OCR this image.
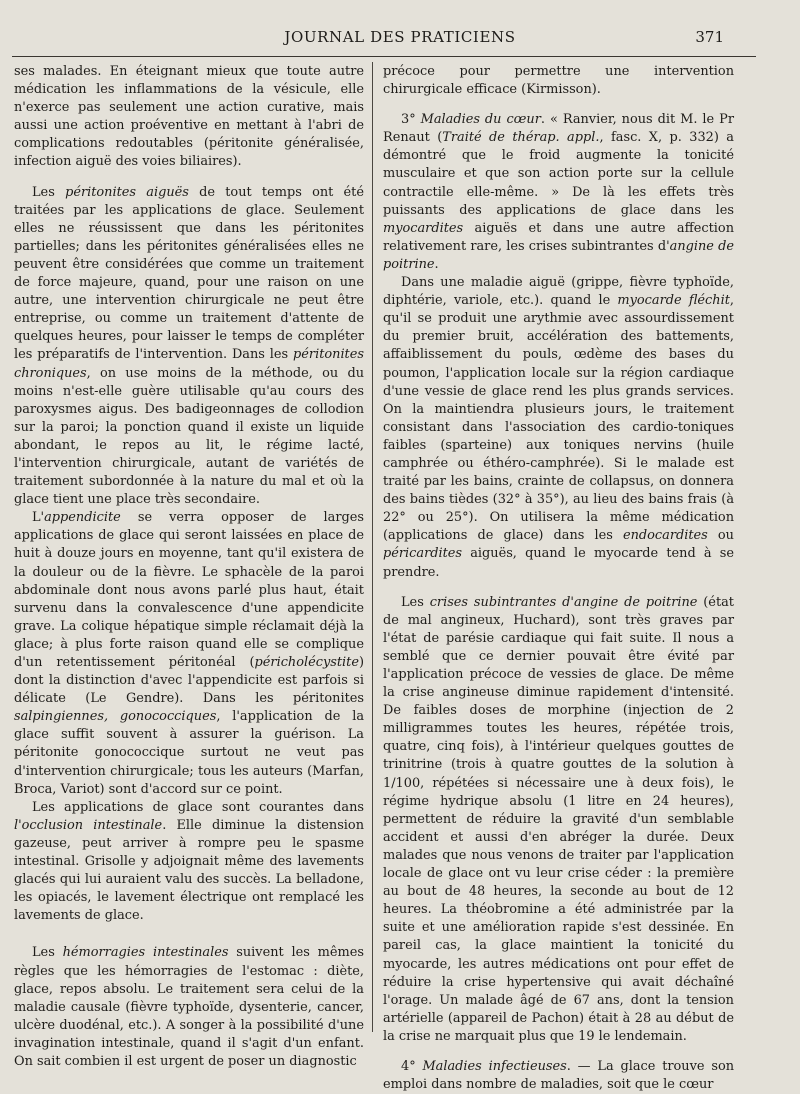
JOURNAL DES PRATICIENS	371

ses malades. En éteignant mieux que toute autre médication les inflammations de la vésicule, elle n'exerce pas seulement une action curative, mais aussi une action proéventive en mettant à l'abri de complications redoutables (péritonite généralisée, infection aiguë des voies biliaires).

Les péritonites aiguës de tout temps ont été traitées par les applications de glace. Seulement elles ne réussissent que dans les péritonites partielles; dans les péritonites généralisées elles ne peuvent être considérées que comme un traitement de force majeure, quand, pour une raison on une autre, une intervention chirurgicale ne peut être entreprise, ou comme un traitement d'attente de quelques heures, pour laisser le temps de compléter les préparatifs de l'intervention. Dans les péritonites chroniques, on use moins de la méthode, ou du moins n'est-elle guère utilisable qu'au cours des paroxysmes aigus. Des badigeonnages de collodion sur la paroi; la ponction quand il existe un liquide abondant, le repos au lit, le régime lacté, l'intervention chirurgicale, autant de variétés de traitement subordonnée à la nature du mal et où la glace tient une place très secondaire.

L'appendicite se verra opposer de larges applications de glace qui seront laissées en place de huit à douze jours en moyenne, tant qu'il existera de la douleur ou de la fièvre. Le sphacèle de la paroi abdominale dont nous avons parlé plus haut, était survenu dans la convalescence d'une appendicite grave. La colique hépatique simple réclamait déjà la glace; à plus forte raison quand elle se complique d'un retentissement péritonéal (péricholécystite) dont la distinction d'avec l'appendicite est parfois si délicate (Le Gendre). Dans les péritonites salpingiennes, gonococciques, l'application de la glace suffit souvent à assurer la guérison. La péritonite gonococcique surtout ne veut pas d'intervention chirurgicale; tous les auteurs (Marfan, Broca, Variot) sont d'accord sur ce point.

Les applications de glace sont courantes dans l'occlusion intestinale. Elle diminue la distension gazeuse, peut arriver à rompre peu le spasme intestinal. Grisolle y adjoignait même des lavements glacés qui lui auraient valu des succès. La belladone, les opiacés, le lavement électrique ont remplacé les lavements de glace.

Les hémorragies intestinales suivent les mêmes règles que les hémorragies de l'estomac : diète, glace, repos absolu. Le traitement sera celui de la maladie causale (fièvre typhoïde, dysenterie, cancer, ulcère duodénal, etc.). A songer à la possibilité d'une invagination intestinale, quand il s'agit d'un enfant. On sait combien il est urgent de poser un diagnostic

précoce pour permettre une intervention chirurgicale efficace (Kirmisson).

3° Maladies du cœur. « Ranvier, nous dit M. le Pr Renaut (Traité de thérap. appl., fasc. X, p. 332) a démontré que le froid augmente la tonicité musculaire et que son action porte sur la cellule contractile elle-même. » De là les effets très puissants des applications de glace dans les myocardites aiguës et dans une autre affection relativement rare, les crises subintrantes d'angine de poitrine.

Dans une maladie aiguë (grippe, fièvre typhoïde, diphtérie, variole, etc.). quand le myocarde fléchit, qu'il se produit une arythmie avec assourdissement du premier bruit, accélération des battements, affaiblissement du pouls, œdème des bases du poumon, l'application locale sur la région cardiaque d'une vessie de glace rend les plus grands services. On la maintiendra plusieurs jours, le traitement consistant dans l'association des cardio-toniques faibles (sparteine) aux toniques nervins (huile camphrée ou éthéro-camphrée). Si le malade est traité par les bains, crainte de collapsus, on donnera des bains tièdes (32° à 35°), au lieu des bains frais (à 22° ou 25°). On utilisera la même médication (applications de glace) dans les endocardites ou péricardites aiguës, quand le myocarde tend à se prendre.

Les crises subintrantes d'angine de poitrine (état de mal angineux, Huchard), sont très graves par l'état de parésie cardiaque qui fait suite. Il nous a semblé que ce dernier pouvait être évité par l'application précoce de vessies de glace. De même la crise angineuse diminue rapidement d'intensité. De faibles doses de morphine (injection de 2 milligrammes toutes les heures, répétée trois, quatre, cinq fois), à l'intérieur quelques gouttes de trinitrine (trois à quatre gouttes de la solution à 1/100, répétées si nécessaire une à deux fois), le régime hydrique absolu (1 litre en 24 heures), permettent de réduire la gravité d'un semblable accident et aussi d'en abréger la durée. Deux malades que nous venons de traiter par l'application locale de glace ont vu leur crise céder : la première au bout de 48 heures, la seconde au bout de 12 heures. La théobromine a été administrée par la suite et une amélioration rapide s'est dessinée. En pareil cas, la glace maintient la tonicité du myocarde, les autres médications ont pour effet de réduire la crise hypertensive qui avait déchaîné l'orage. Un malade âgé de 67 ans, dont la tension artérielle (appareil de Pachon) était à 28 au début de la crise ne marquait plus que 19 le lendemain.

4° Maladies infectieuses. — La glace trouve son emploi dans nombre de maladies, soit que le cœur
